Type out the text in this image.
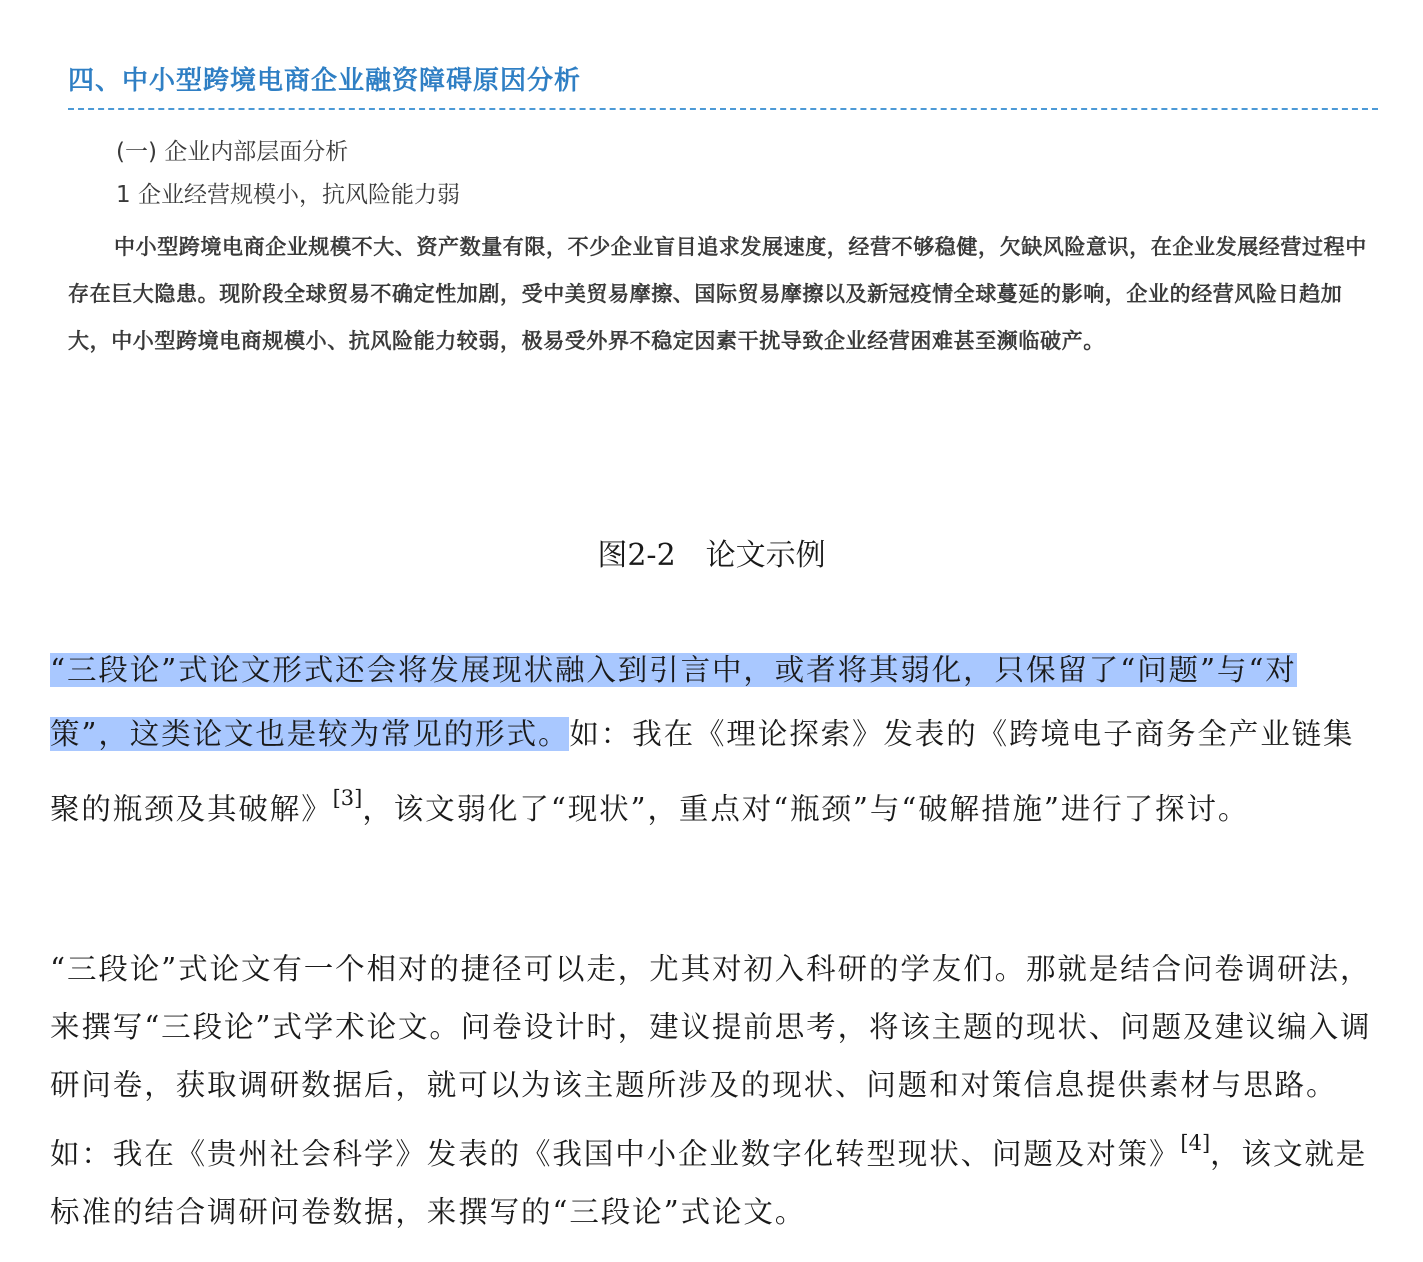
四、中小型跨境电商企业融资障碍原因分析
(一) 企业内部层面分析
1 企业经营规模小，抗风险能力弱
中小型跨境电商企业规模不大、资产数量有限，不少企业盲目追求发展速度，经营不够稳健，欠缺风险意识，在企业发展经营过程中存在巨大隐患。现阶段全球贸易不确定性加剧，受中美贸易摩擦、国际贸易摩擦以及新冠疫情全球蔓延的影响，企业的经营风险日趋加大，中小型跨境电商规模小、抗风险能力较弱，极易受外界不稳定因素干扰导致企业经营困难甚至濒临破产。
图2-2　论文示例
“三段论”式论文形式还会将发展现状融入到引言中，或者将其弱化，只保留了“问题”与“对策”，这类论文也是较为常见的形式。如：我在《理论探索》发表的《跨境电子商务全产业链集聚的瓶颈及其破解》[3]，该文弱化了“现状”，重点对“瓶颈”与“破解措施”进行了探讨。
“三段论”式论文有一个相对的捷径可以走，尤其对初入科研的学友们。那就是结合问卷调研法，来撰写“三段论”式学术论文。问卷设计时，建议提前思考，将该主题的现状、问题及建议编入调研问卷，获取调研数据后，就可以为该主题所涉及的现状、问题和对策信息提供素材与思路。如：我在《贵州社会科学》发表的《我国中小企业数字化转型现状、问题及对策》[4]，该文就是标准的结合调研问卷数据，来撰写的“三段论”式论文。
